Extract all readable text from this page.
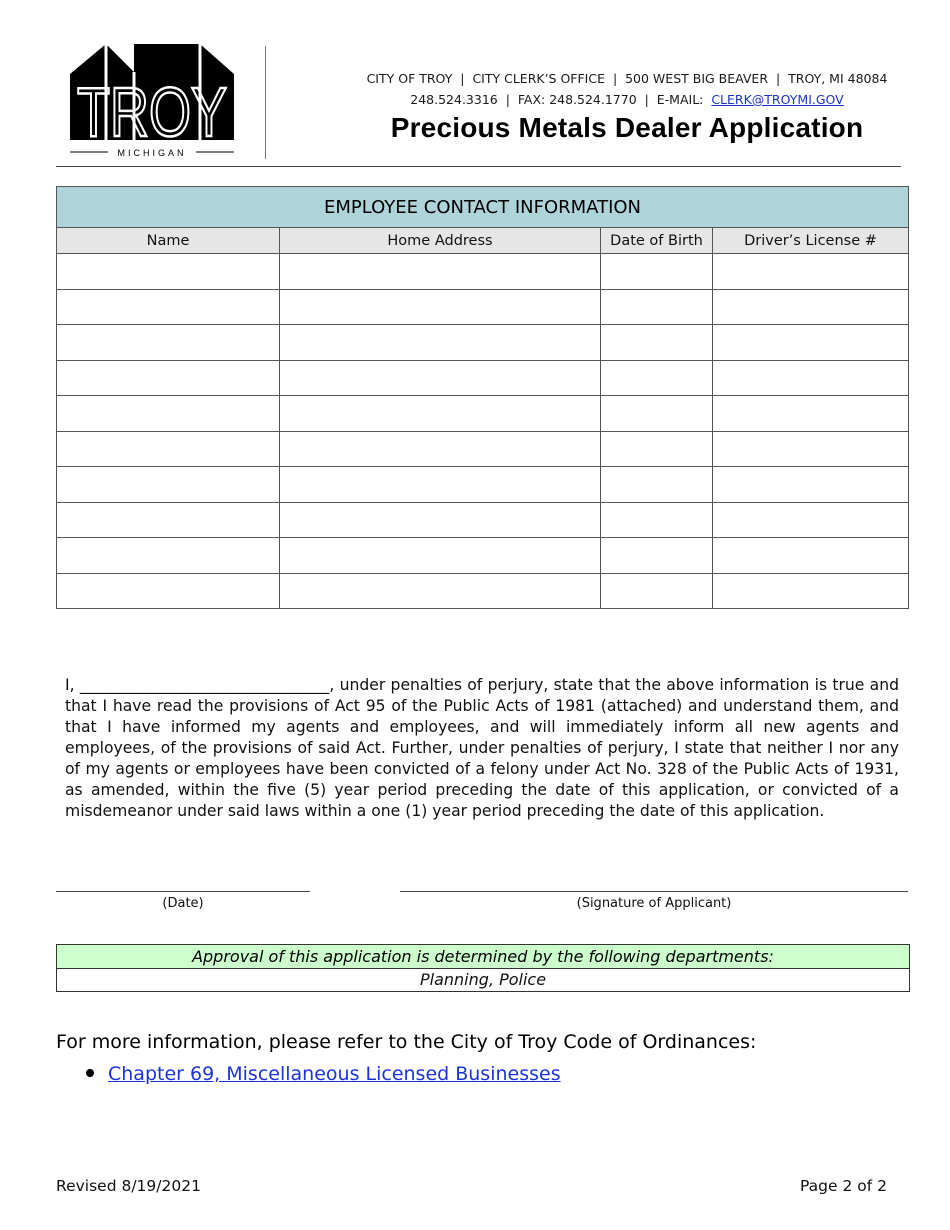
TROY
MICHIGAN
CITY OF TROY  |  CITY CLERK’S OFFICE  |  500 WEST BIG BEAVER  |  TROY, MI 48084
248.524.3316  |  FAX: 248.524.1770  |  E-MAIL: CLERK@TROYMI.GOV
Precious Metals Dealer Application
EMPLOYEE CONTACT INFORMATION			
Name	Home Address	Date of Birth	Driver’s License #

I, ________________________________, under penalties of perjury, state that the above information is true and that I have read the provisions of Act 95 of the Public Acts of 1981 (attached) and understand them, and that I have informed my agents and employees, and will immediately inform all new agents and employees, of the provisions of said Act. Further, under penalties of perjury, I state that neither I nor any of my agents or employees have been convicted of a felony under Act No. 328 of the Public Acts of 1931, as amended, within the five (5) year period preceding the date of this application, or convicted of a misdemeanor under said laws within a one (1) year period preceding the date of this application.
(Date)	(Signature of Applicant)
Approval of this application is determined by the following departments:
Planning, Police
For more information, please refer to the City of Troy Code of Ordinances:
Chapter 69, Miscellaneous Licensed Businesses
Revised 8/19/2021	Page 2 of 2
